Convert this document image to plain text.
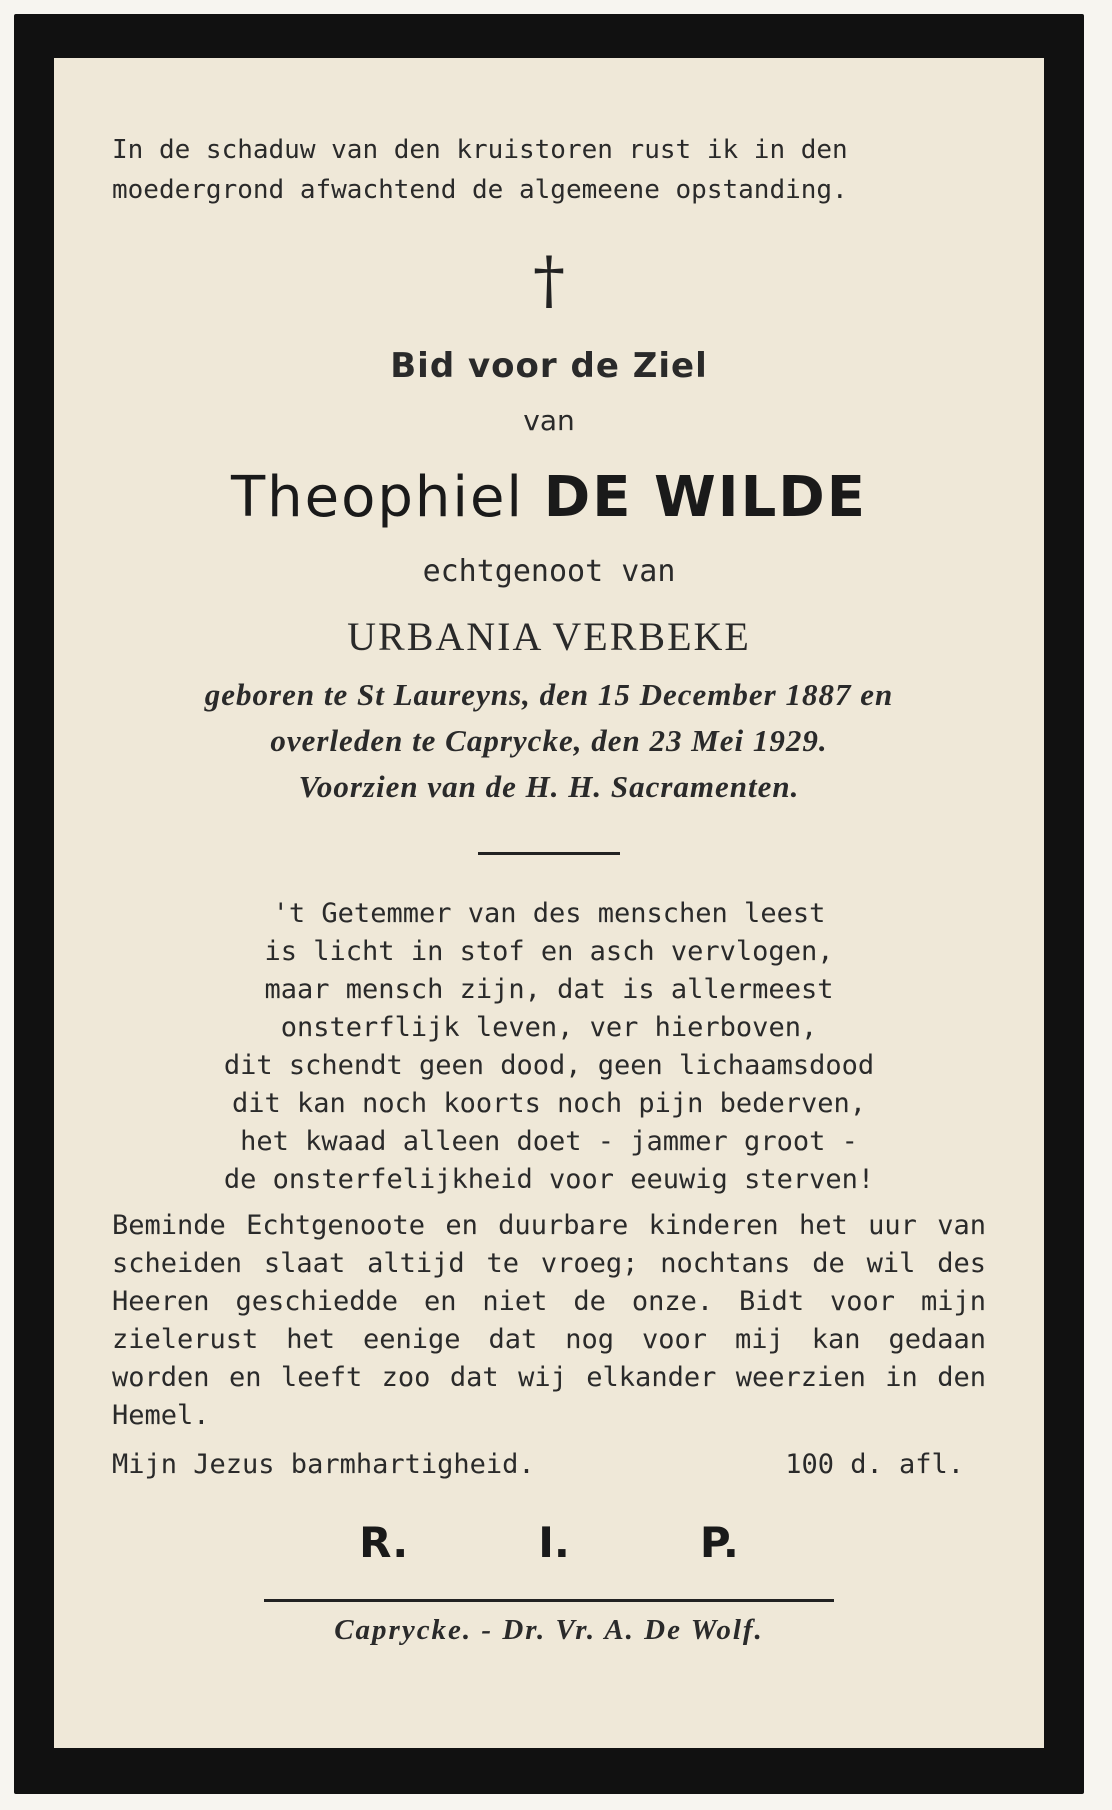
In de schaduw van den kruistoren rust ik in den

moedergrond afwachtend de algemeene opstanding.

†
Bid voor de Ziel
van
Theophiel DE WILDE
echtgenoot van
URBANIA VERBEKE
geboren te St Laureyns, den 15 December 1887 en
overleden te Caprycke, den 23 Mei 1929.
Voorzien van de H. H. Sacramenten.
't Getemmer van des menschen leest
is licht in stof en asch vervlogen,
maar mensch zijn, dat is allermeest
onsterflijk leven, ver hierboven,
dit schendt geen dood, geen lichaamsdood
dit kan noch koorts noch pijn bederven,
het kwaad alleen doet - jammer groot -
de onsterfelijkheid voor eeuwig sterven!
Beminde Echtgenoote en duurbare kinderen het uur van scheiden slaat altijd te vroeg; nochtans de wil des Heeren geschiedde en niet de onze. Bidt voor mijn zielerust het eenige dat nog voor mij kan gedaan worden en leeft zoo dat wij elkander weerzien in den Hemel.
Mijn Jezus barmhartigheid.	100 d. afl.
R.	I.	P.
Caprycke. - Dr. Vr. A. De Wolf.
